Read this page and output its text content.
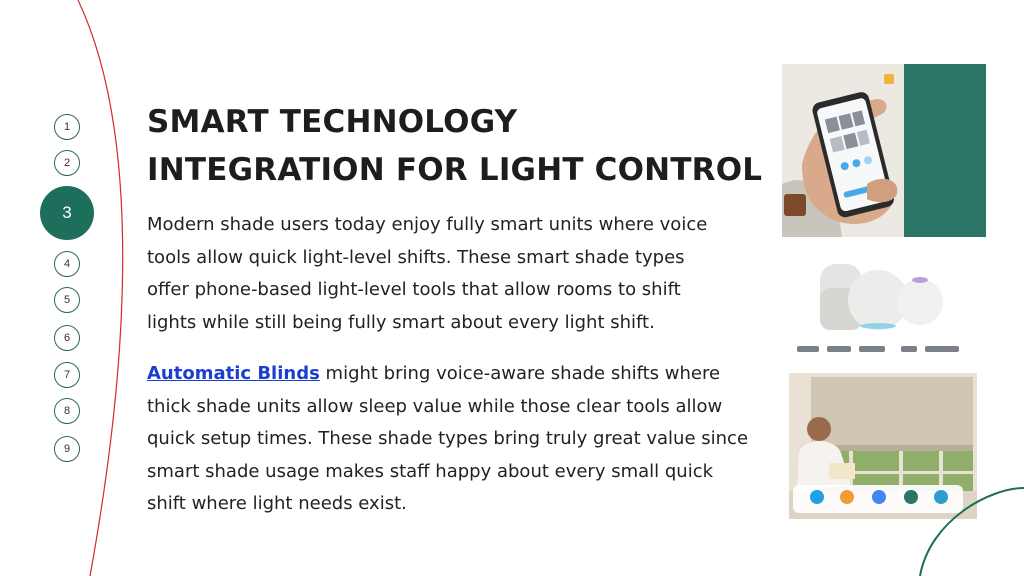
1
2
3
4
5
6
7
8
9
SMART TECHNOLOGY
INTEGRATION FOR LIGHT CONTROL
Modern shade users today enjoy fully smart units where voice
tools allow quick light-level shifts. These smart shade types
offer phone-based light-level tools that allow rooms to shift
lights while still being fully smart about every light shift.
Automatic Blinds might bring voice-aware shade shifts where
thick shade units allow sleep value while those clear tools allow
quick setup times. These shade types bring truly great value since
smart shade usage makes staff happy about every small quick
shift where light needs exist.
